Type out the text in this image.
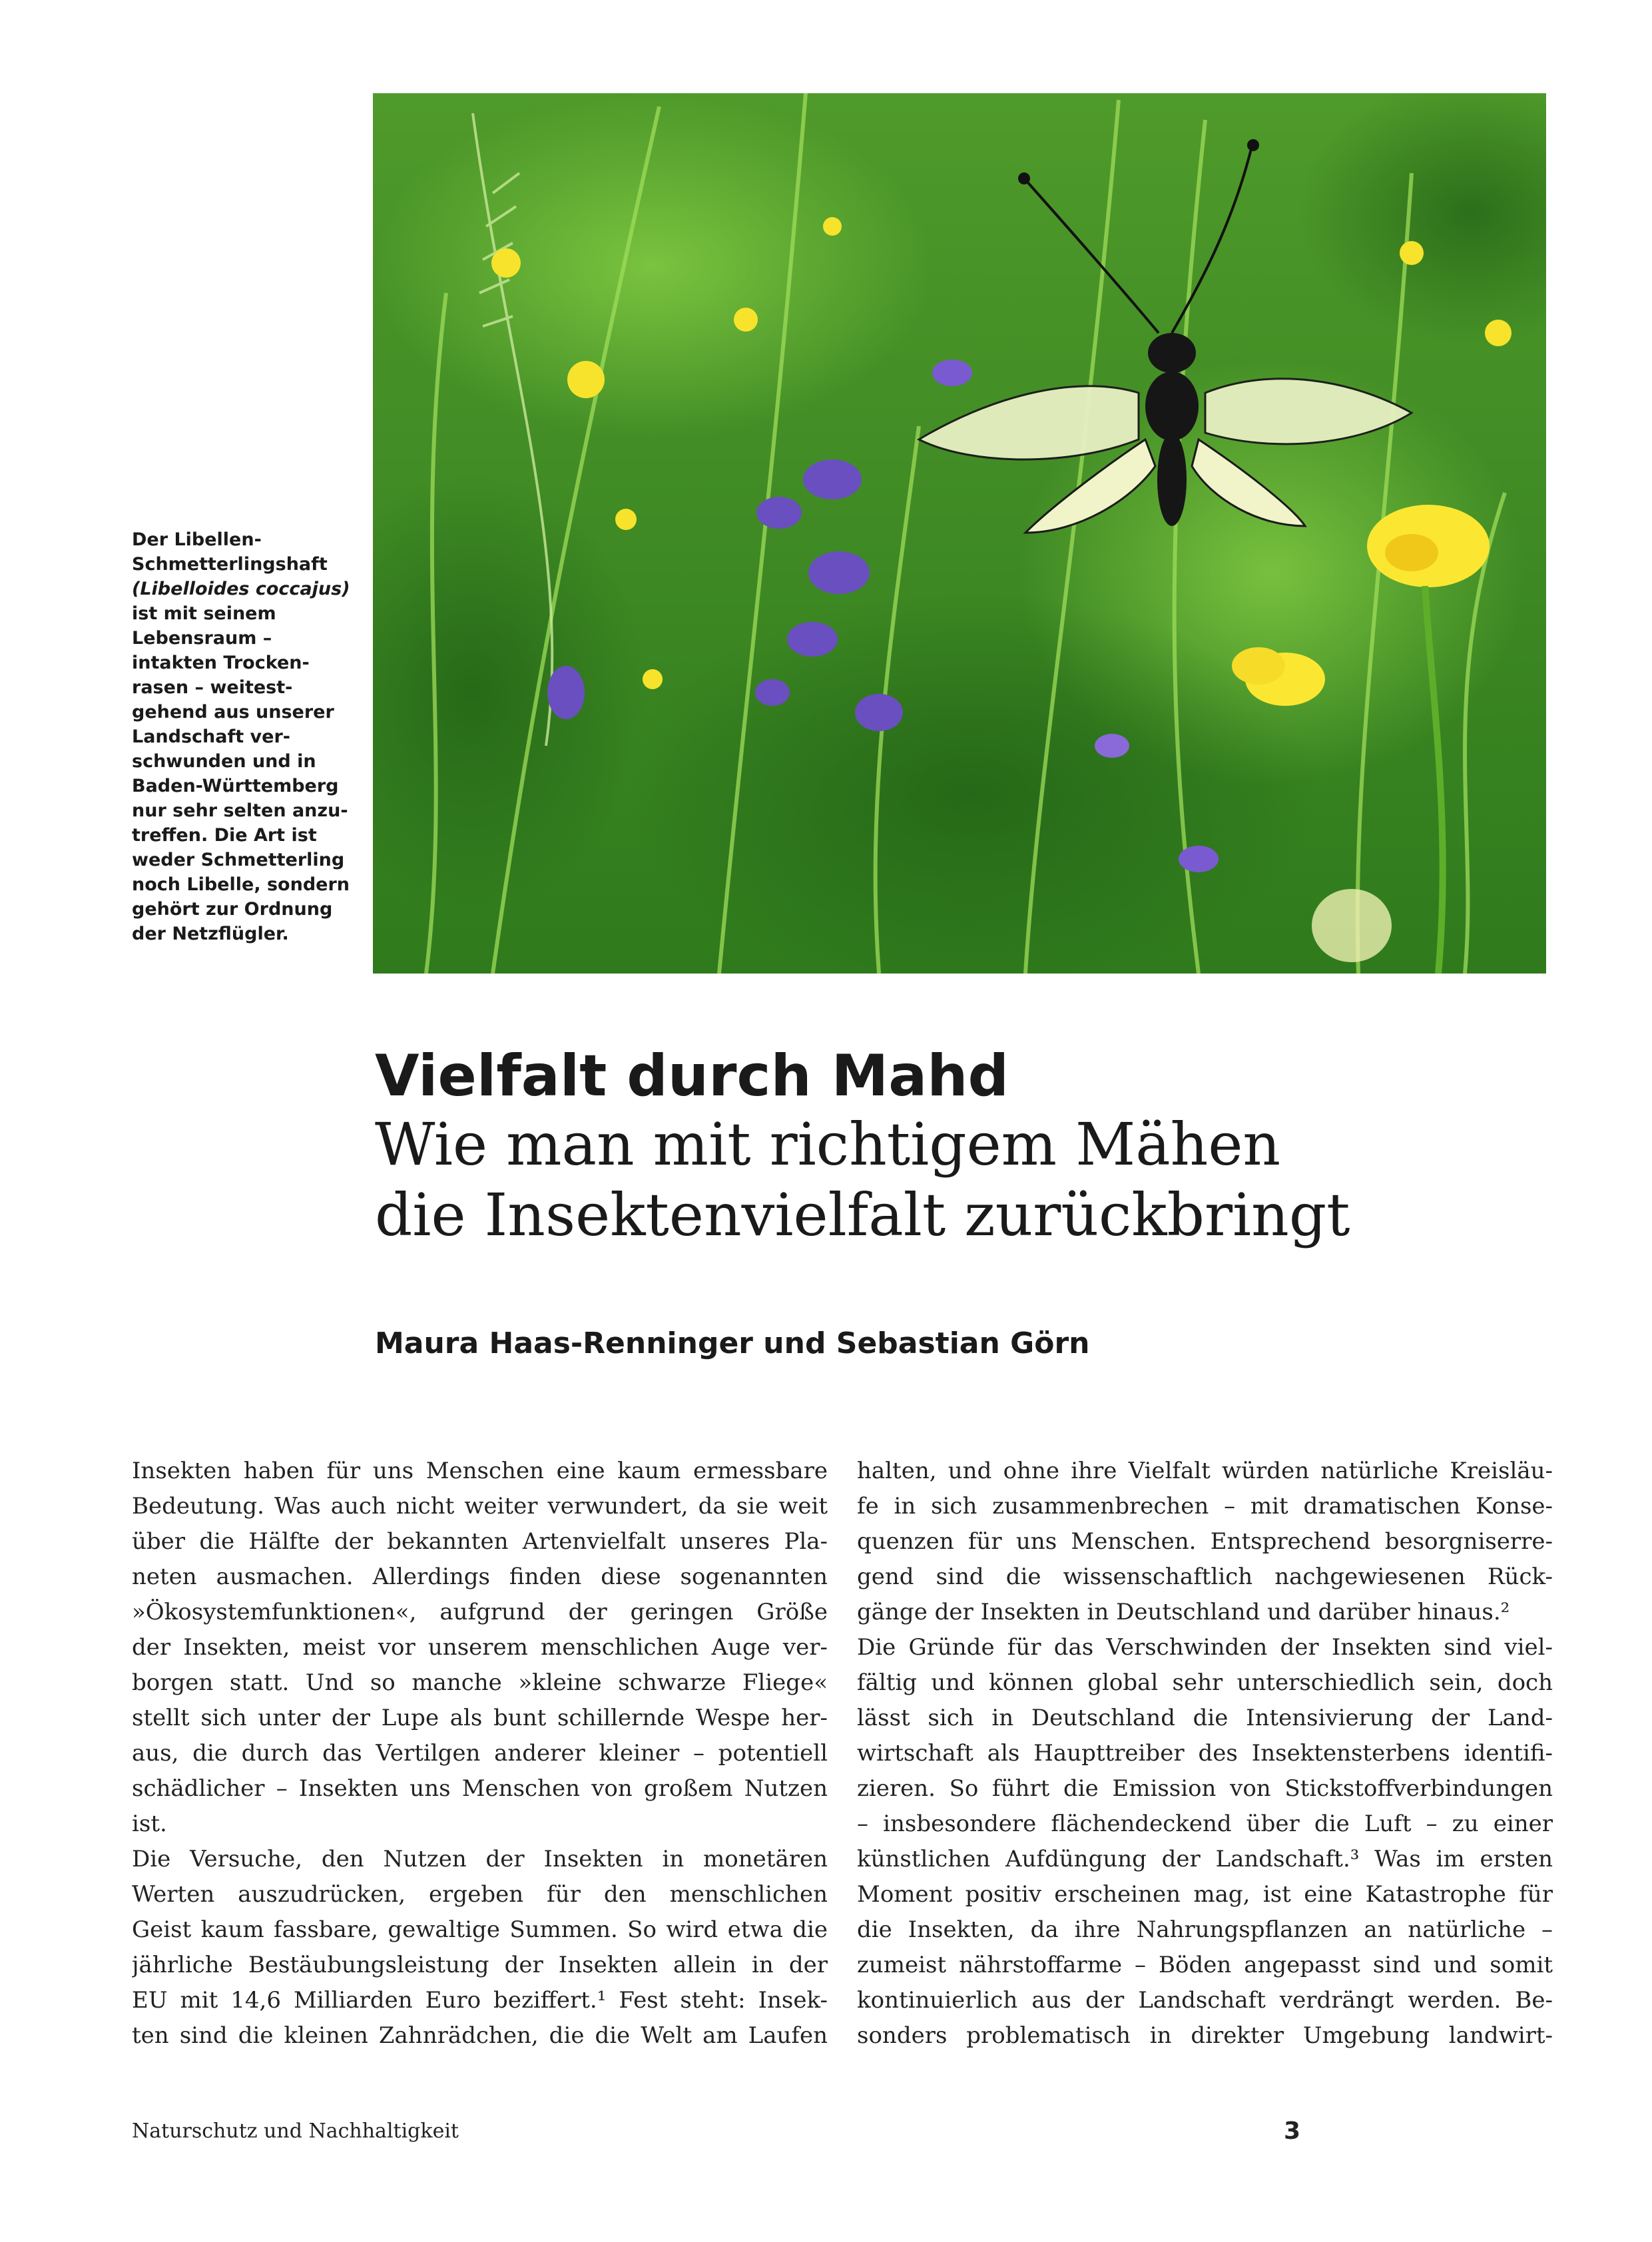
Der Libellen-
Schmetterlingshaft
(Libelloides coccajus)
ist mit seinem
Lebensraum –
intakten Trocken-
rasen – weitest-
gehend aus unserer
Landschaft ver-
schwunden und in
Baden-Württemberg
nur sehr selten anzu-
treffen. Die Art ist
weder Schmetterling
noch Libelle, sondern
gehört zur Ordnung
der Netzflügler.
Vielfalt durch Mahd

Wie man mit richtigem Mähen
die Insektenvielfalt zurückbringt

Maura Haas-Renninger und Sebastian Görn
Insekten haben für uns Menschen eine kaum ermessbare
Bedeutung. Was auch nicht weiter verwundert, da sie weit
über die Hälfte der bekannten Artenvielfalt unseres Pla-
neten ausmachen. Allerdings finden diese sogenannten
»Ökosystemfunktionen«, aufgrund der geringen Größe
der Insekten, meist vor unserem menschlichen Auge ver-
borgen statt. Und so manche »kleine schwarze Fliege«
stellt sich unter der Lupe als bunt schillernde Wespe her-
aus, die durch das Vertilgen anderer kleiner – potentiell
schädlicher – Insekten uns Menschen von großem Nutzen
ist.
Die Versuche, den Nutzen der Insekten in monetären
Werten auszudrücken, ergeben für den menschlichen
Geist kaum fassbare, gewaltige Summen. So wird etwa die
jährliche Bestäubungsleistung der Insekten allein in der
EU mit 14,6 Milliarden Euro beziffert.¹ Fest steht: Insek-
ten sind die kleinen Zahnrädchen, die die Welt am Laufen
halten, und ohne ihre Vielfalt würden natürliche Kreisläu-
fe in sich zusammenbrechen – mit dramatischen Konse-
quenzen für uns Menschen. Entsprechend besorgniserre-
gend sind die wissenschaftlich nachgewiesenen Rück-
gänge der Insekten in Deutschland und darüber hinaus.²
Die Gründe für das Verschwinden der Insekten sind viel-
fältig und können global sehr unterschiedlich sein, doch
lässt sich in Deutschland die Intensivierung der Land-
wirtschaft als Haupttreiber des Insektensterbens identifi-
zieren. So führt die Emission von Stickstoffverbindungen
– insbesondere flächendeckend über die Luft – zu einer
künstlichen Aufdüngung der Landschaft.³ Was im ersten
Moment positiv erscheinen mag, ist eine Katastrophe für
die Insekten, da ihre Nahrungspflanzen an natürliche –
zumeist nährstoffarme – Böden angepasst sind und somit
kontinuierlich aus der Landschaft verdrängt werden. Be-
sonders problematisch in direkter Umgebung landwirt-
Naturschutz und Nachhaltigkeit	3
